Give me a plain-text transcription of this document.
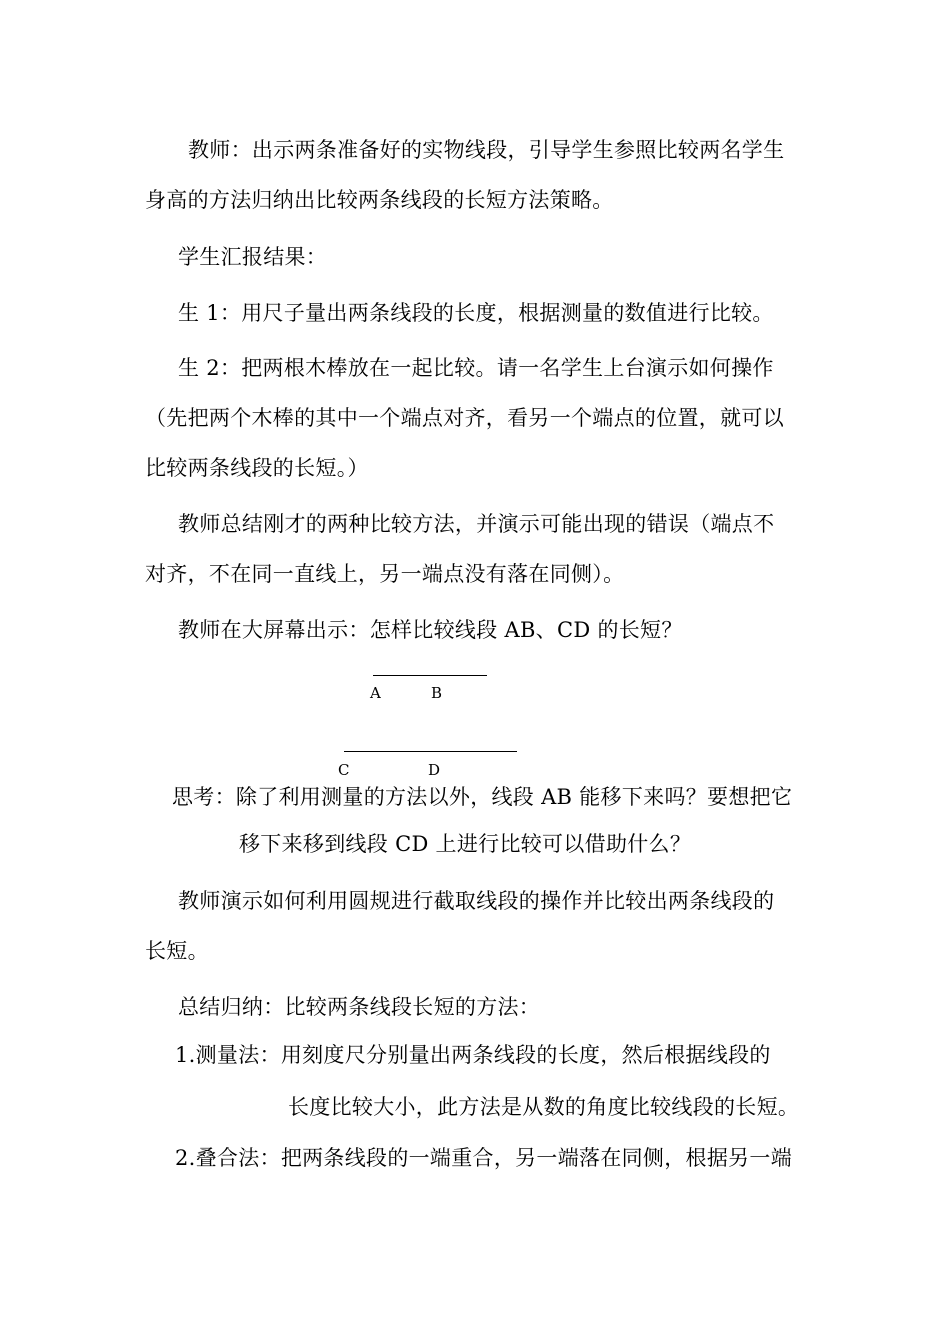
教师：出示两条准备好的实物线段，引导学生参照比较两名学生
身高的方法归纳出比较两条线段的长短方法策略。
学生汇报结果：
生 1：用尺子量出两条线段的长度，根据测量的数值进行比较。
生 2：把两根木棒放在一起比较。请一名学生上台演示如何操作
（先把两个木棒的其中一个端点对齐，看另一个端点的位置，就可以
比较两条线段的长短。）
教师总结刚才的两种比较方法，并演示可能出现的错误（端点不
对齐，不在同一直线上，另一端点没有落在同侧）。
教师在大屏幕出示：怎样比较线段 AB、CD 的长短？
A	B
C	D
思考：除了利用测量的方法以外，线段 AB 能移下来吗？要想把它
移下来移到线段 CD 上进行比较可以借助什么？
教师演示如何利用圆规进行截取线段的操作并比较出两条线段的
长短。
总结归纳：比较两条线段长短的方法：
1.测量法：用刻度尺分别量出两条线段的长度，然后根据线段的
长度比较大小，此方法是从数的角度比较线段的长短。
2.叠合法：把两条线段的一端重合，另一端落在同侧，根据另一端
